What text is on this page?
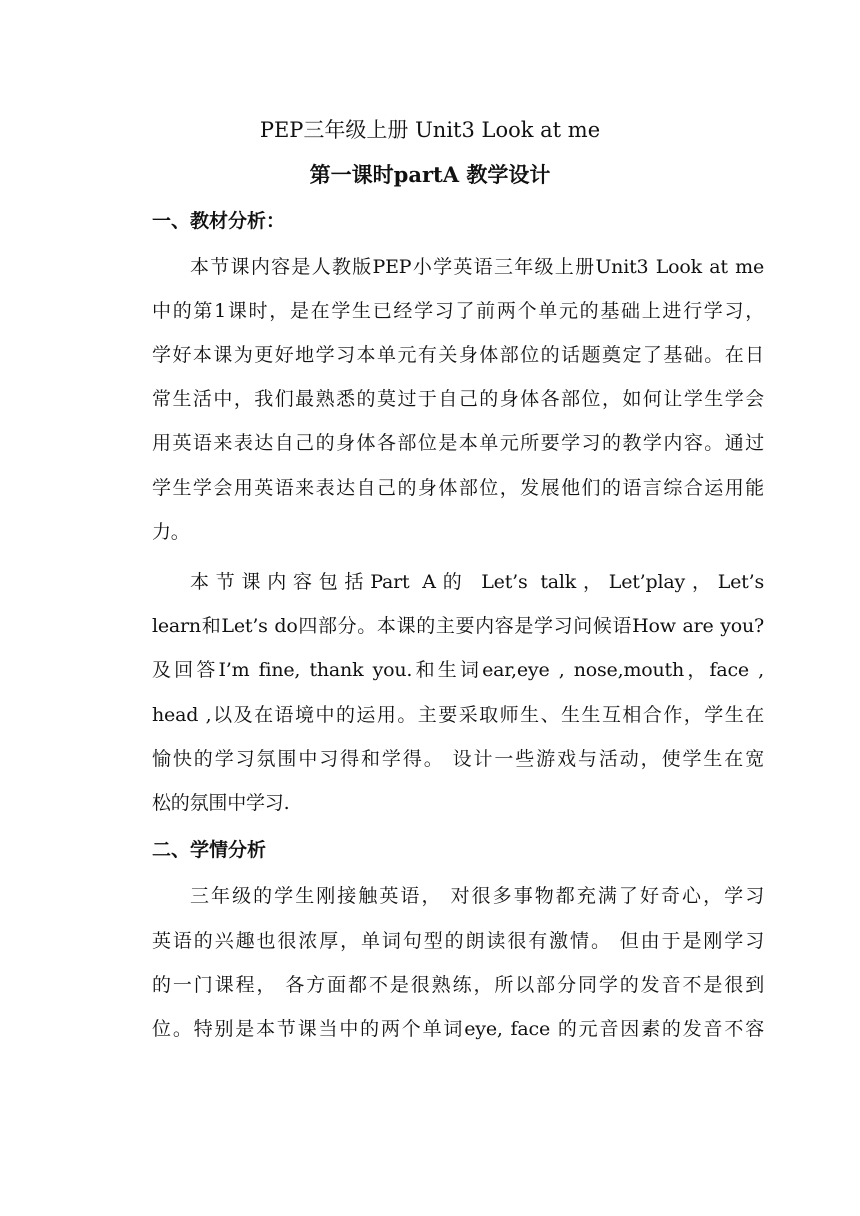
PEP三年级上册 Unit3 Look at me
第一课时partA 教学设计
一、教材分析：
本节课内容是人教版PEP小学英语三年级上册Unit3 Look at me
中的第1课时，是在学生已经学习了前两个单元的基础上进行学习，
学好本课为更好地学习本单元有关身体部位的话题奠定了基础。在日
常生活中，我们最熟悉的莫过于自己的身体各部位，如何让学生学会
用英语来表达自己的身体各部位是本单元所要学习的教学内容。通过
学生学会用英语来表达自己的身体部位，发展他们的语言综合运用能
力。
本节课内容包括Part A的 Let’s talk，Let’play，Let’s
learn和Let’s do四部分。本课的主要内容是学习问候语How are you?
及回答I’m fine, thank you.和生词ear,eye , nose,mouth，face ,
head ,以及在语境中的运用。主要采取师生、生生互相合作，学生在
愉快的学习氛围中习得和学得。 设计一些游戏与活动，使学生在宽
松的氛围中学习.
二、学情分析
三年级的学生刚接触英语， 对很多事物都充满了好奇心，学习
英语的兴趣也很浓厚，单词句型的朗读很有激情。 但由于是刚学习
的一门课程， 各方面都不是很熟练，所以部分同学的发音不是很到
位。特别是本节课当中的两个单词eye, face 的元音因素的发音不容
